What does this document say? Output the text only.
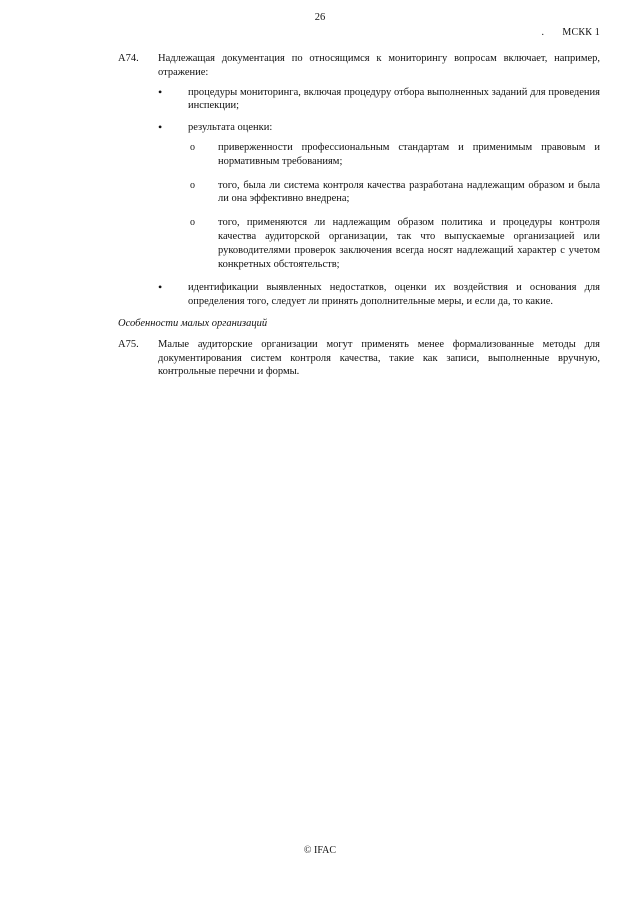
26
. МСКК 1
A74.	Надлежащая документация по относящимся к мониторингу вопросам включает, например, отражение:
• процедуры мониторинга, включая процедуру отбора выполненных заданий для проведения инспекции;
• результата оценки:
o приверженности профессиональным стандартам и применимым правовым и нормативным требованиям;
o того, была ли система контроля качества разработана надлежащим образом и была ли она эффективно внедрена;
o того, применяются ли надлежащим образом политика и процедуры контроля качества аудиторской организации, так что выпускаемые организацией или руководителями проверок заключения всегда носят надлежащий характер с учетом конкретных обстоятельств;
• идентификации выявленных недостатков, оценки их воздействия и основания для определения того, следует ли принять дополнительные меры, и если да, то какие.
Особенности малых организаций
A75.	Малые аудиторские организации могут применять менее формализованные методы для документирования систем контроля качества, такие как записи, выполненные вручную, контрольные перечни и формы.
© IFAC
